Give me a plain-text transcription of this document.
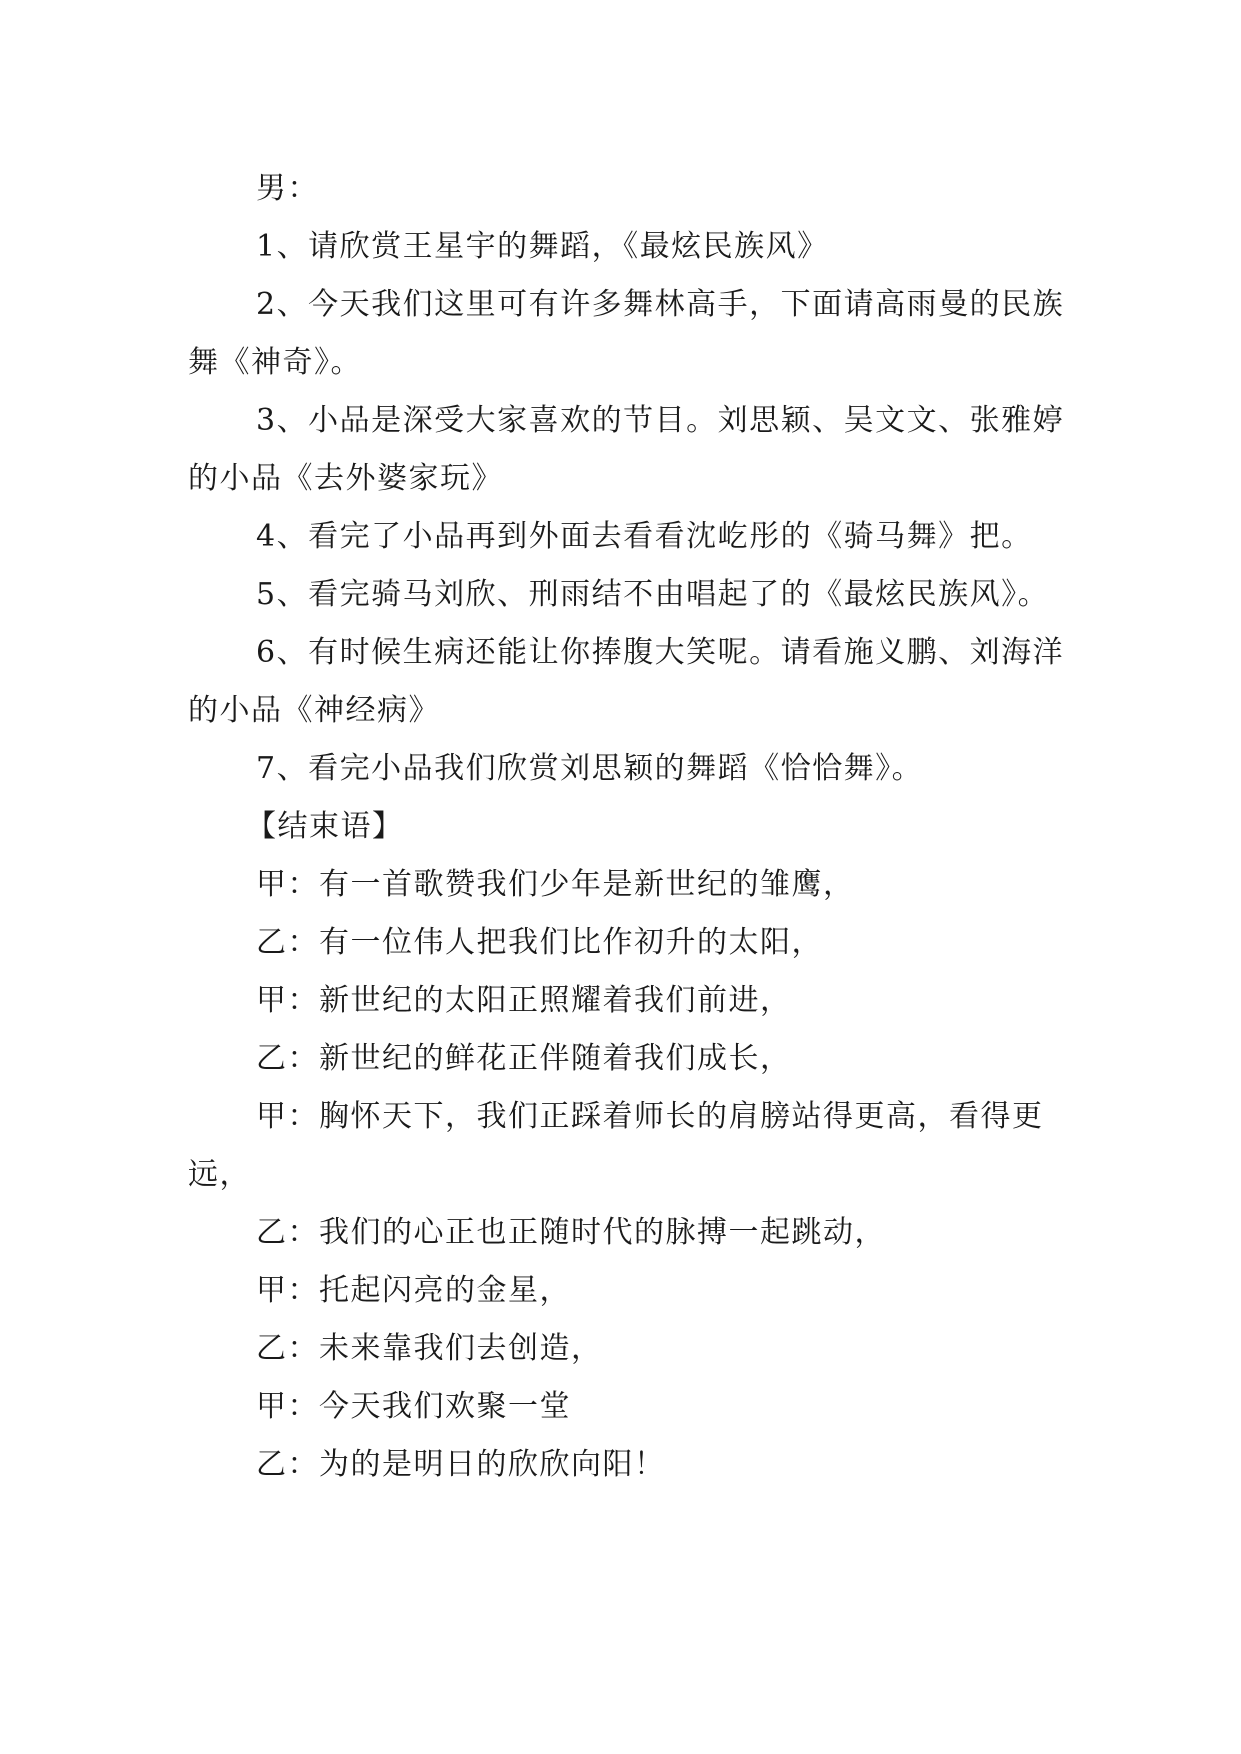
男：

1、请欣赏王星宇的舞蹈，《最炫民族风》

2、今天我们这里可有许多舞林高手，下面请高雨曼的民族舞《神奇》。

3、小品是深受大家喜欢的节目。刘思颖、吴文文、张雅婷的小品《去外婆家玩》

4、看完了小品再到外面去看看沈屹彤的《骑马舞》把。

5、看完骑马刘欣、刑雨结不由唱起了的《最炫民族风》。

6、有时候生病还能让你捧腹大笑呢。请看施义鹏、刘海洋的小品《神经病》

7、看完小品我们欣赏刘思颖的舞蹈《恰恰舞》。

【结束语】

甲：有一首歌赞我们少年是新世纪的雏鹰，

乙：有一位伟人把我们比作初升的太阳，

甲：新世纪的太阳正照耀着我们前进，

乙：新世纪的鲜花正伴随着我们成长，

甲：胸怀天下，我们正踩着师长的肩膀站得更高，看得更远，

乙：我们的心正也正随时代的脉搏一起跳动，

甲：托起闪亮的金星，

乙：未来靠我们去创造，

甲：今天我们欢聚一堂

乙：为的是明日的欣欣向阳！
